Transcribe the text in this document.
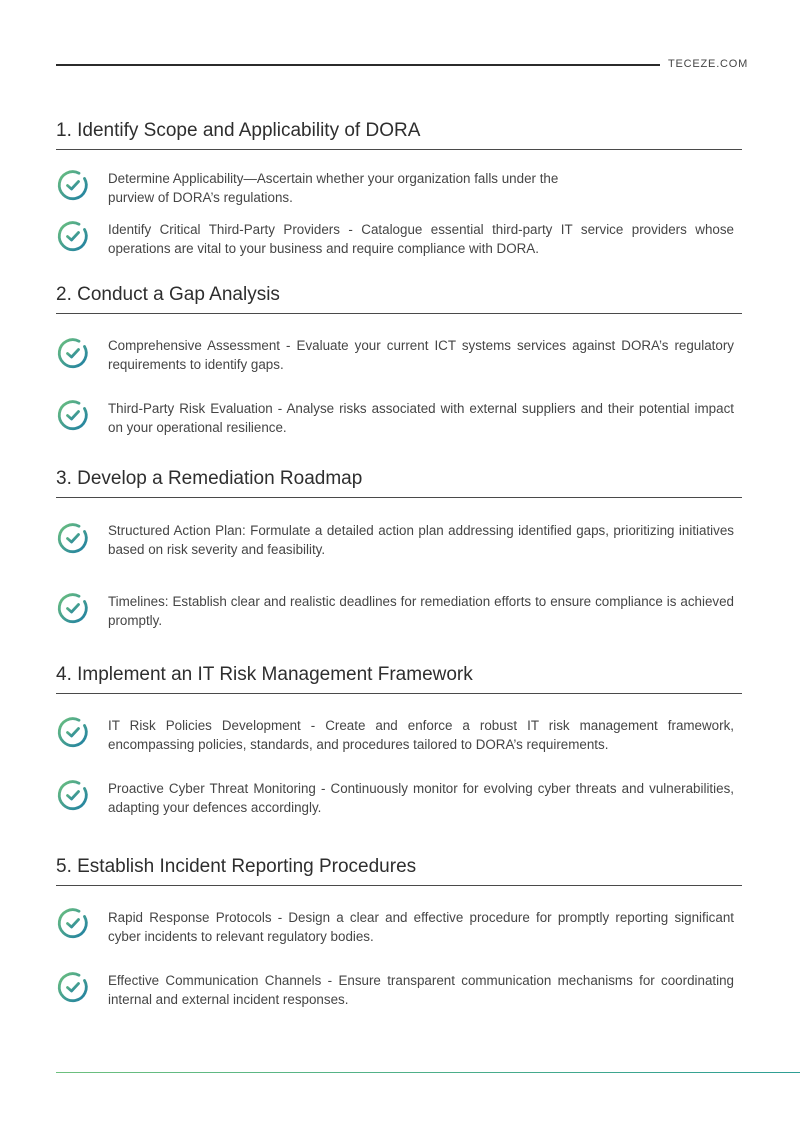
TECEZE.COM
1. Identify Scope and Applicability of DORA
Determine Applicability—Ascertain whether your organization falls under the purview of DORA’s regulations.
Identify Critical Third-Party Providers - Catalogue essential third-party IT service providers whose operations are vital to your business and require compliance with DORA.
2. Conduct a Gap Analysis
Comprehensive Assessment - Evaluate your current ICT systems services against DORA’s regulatory requirements to identify gaps.
Third-Party Risk Evaluation - Analyse risks associated with external suppliers and their potential impact on your operational resilience.
3. Develop a Remediation Roadmap
Structured Action Plan: Formulate a detailed action plan addressing identified gaps, prioritizing initiatives based on risk severity and feasibility.
Timelines: Establish clear and realistic deadlines for remediation efforts to ensure compliance is achieved promptly.
4. Implement an IT Risk Management Framework
IT Risk Policies Development - Create and enforce a robust IT risk management framework, encompassing policies, standards, and procedures tailored to DORA’s requirements.
Proactive Cyber Threat Monitoring - Continuously monitor for evolving cyber threats and vulnerabilities, adapting your defences accordingly.
5. Establish Incident Reporting Procedures
Rapid Response Protocols - Design a clear and effective procedure for promptly reporting significant cyber incidents to relevant regulatory bodies.
Effective Communication Channels - Ensure transparent communication mechanisms for coordinating internal and external incident responses.
